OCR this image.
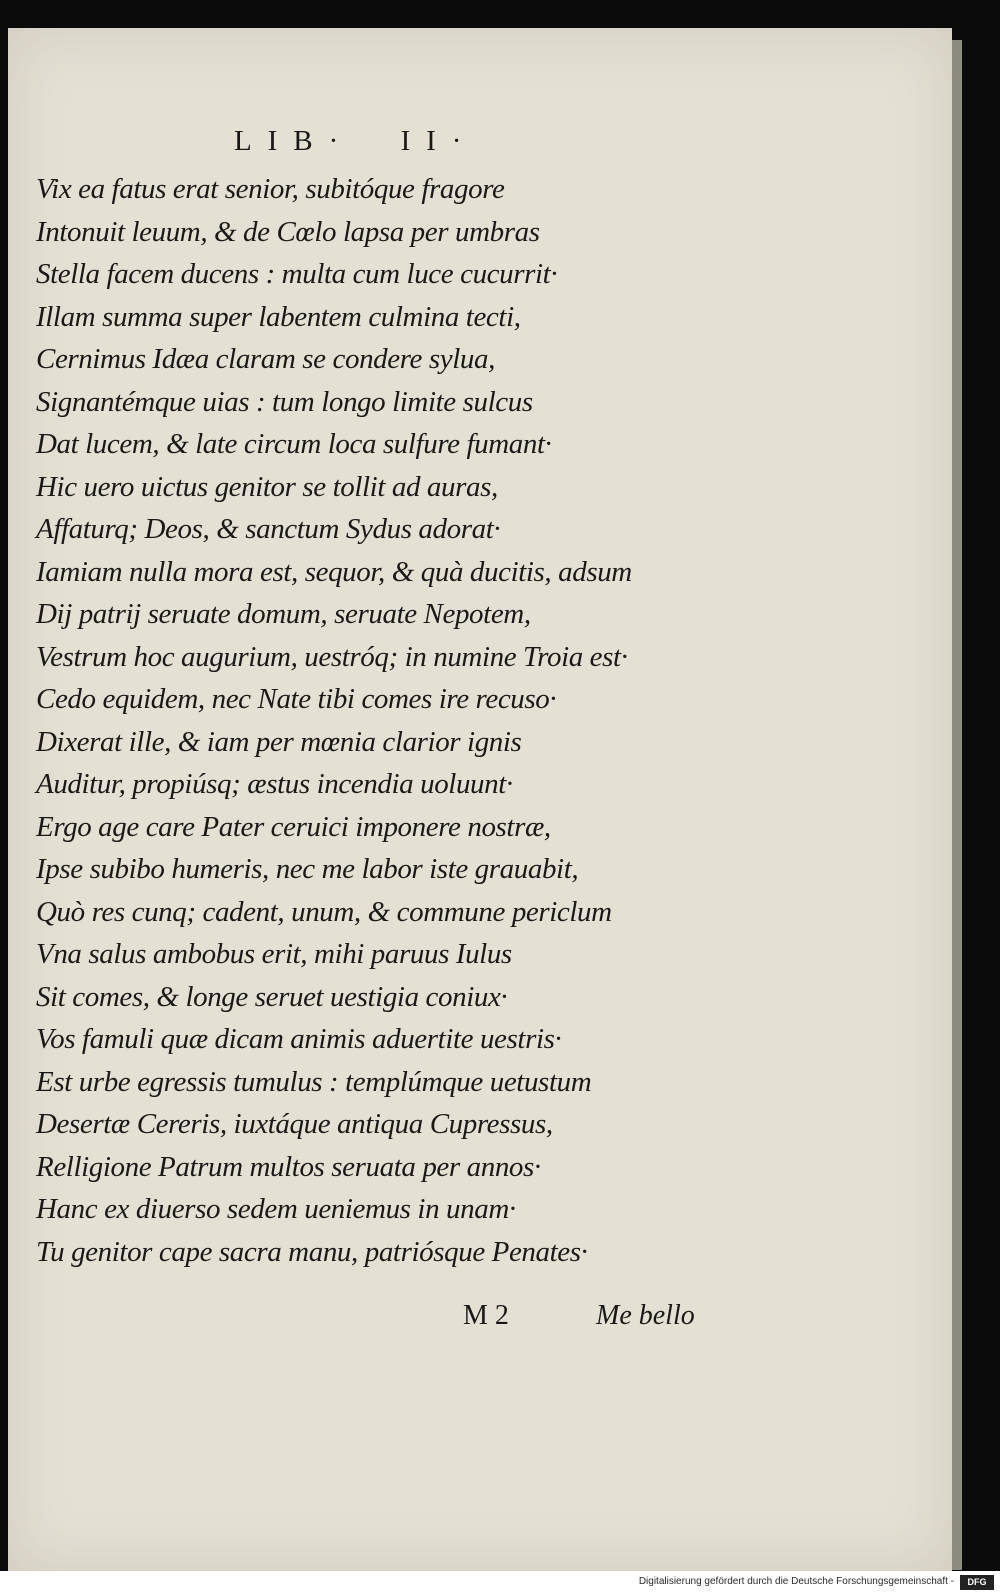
LIB·  II·
Vix ea fatus erat senior, subitóque fragore
Intonuit leuum, & de Cœlo lapsa per umbras
Stella facem ducens : multa cum luce cucurrit·
Illam summa super labentem culmina tecti,
Cernimus Idæa claram se condere sylua,
Signantémque uias : tum longo limite sulcus
Dat lucem, & late circum loca sulfure fumant·
Hic uero uictus genitor se tollit ad auras,
Affaturq; Deos, & sanctum Sydus adorat·
Iamiam nulla mora est, sequor, & quà ducitis, adsum
Dij patrij seruate domum, seruate Nepotem,
Vestrum hoc augurium, uestróq; in numine Troia est·
Cedo equidem, nec Nate tibi comes ire recuso·
Dixerat ille, & iam per mœnia clarior ignis
Auditur, propiúsq; æstus incendia uoluunt·
Ergo age care Pater ceruici imponere nostræ,
Ipse subibo humeris, nec me labor iste grauabit,
Quò res cunq; cadent, unum, & commune periclum
Vna salus ambobus erit, mihi paruus Iulus
Sit comes, & longe seruet uestigia coniux·
Vos famuli quæ dicam animis aduertite uestris·
Est urbe egressis tumulus : templúmque uetustum
Desertæ Cereris, iuxtáque antiqua Cupressus,
Relligione Patrum multos seruata per annos·
Hanc ex diuerso sedem ueniemus in unam·
Tu genitor cape sacra manu, patriósque Penates·
M 2	Me bello
Digitalisierung gefördert durch die Deutsche Forschungsgemeinschaft -	DFG
